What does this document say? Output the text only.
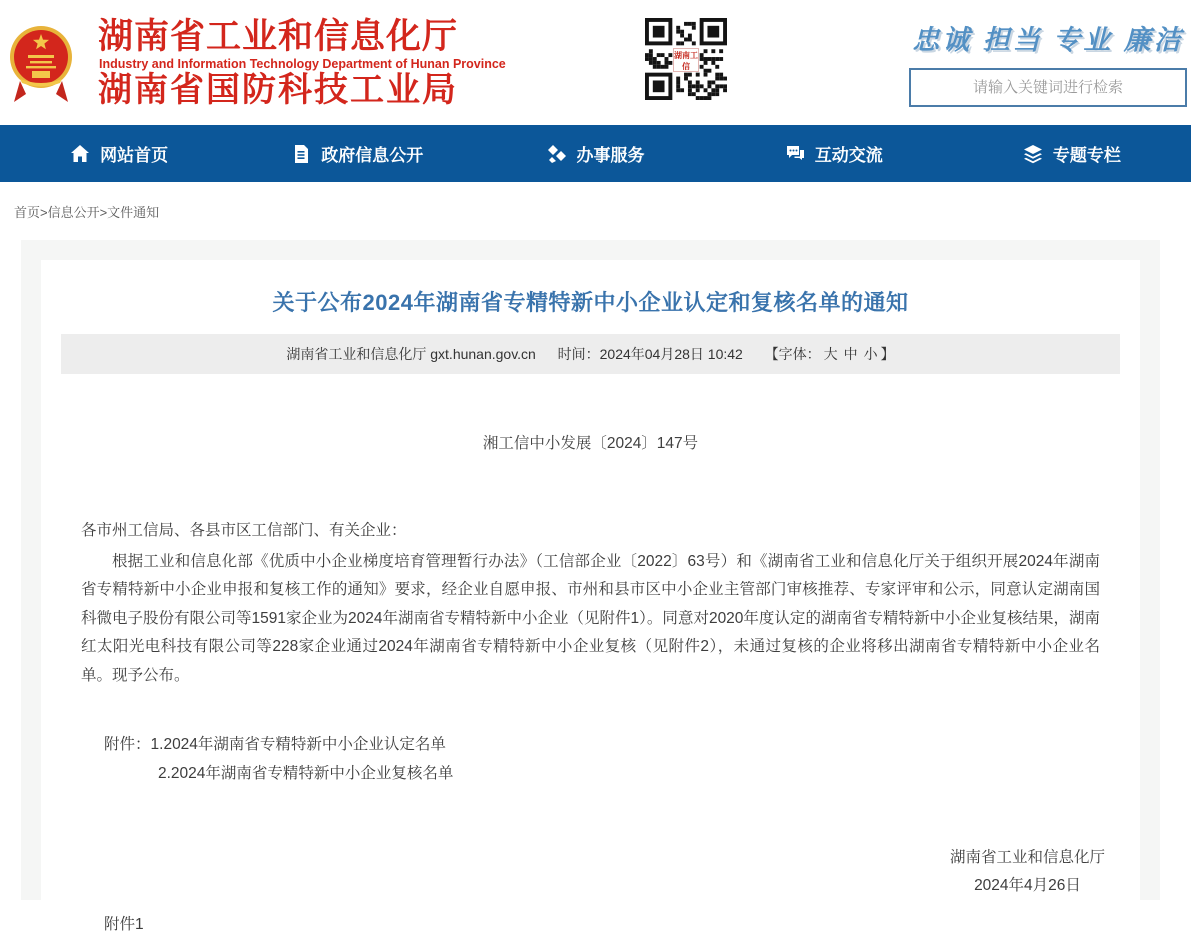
湖南省工业和信息化厅
Industry and Information Technology Department of Hunan Province
湖南省国防科技工业局
湖南工信
忠诚 担当 专业 廉洁
请输入关键词进行检索
网站首页	政府信息公开	办事服务	互动交流	专题专栏
首页>信息公开>文件通知
关于公布2024年湖南省专精特新中小企业认定和复核名单的通知
湖南省工业和信息化厅 gxt.hunan.gov.cn 时间：2024年04月28日 10:42 【字体： 大 中 小 】
湘工信中小发展〔2024〕147号

各市州工信局、各县市区工信部门、有关企业：

根据工业和信息化部《优质中小企业梯度培育管理暂行办法》（工信部企业〔2022〕63号）和《湖南省工业和信息化厅关于组织开展2024年湖南省专精特新中小企业申报和复核工作的通知》要求，经企业自愿申报、市州和县市区中小企业主管部门审核推荐、专家评审和公示，同意认定湖南国科微电子股份有限公司等1591家企业为2024年湖南省专精特新中小企业（见附件1）。同意对2020年度认定的湖南省专精特新中小企业复核结果，湖南红太阳光电科技有限公司等228家企业通过2024年湖南省专精特新中小企业复核（见附件2），未通过复核的企业将移出湖南省专精特新中小企业名单。现予公布。

附件：1.2024年湖南省专精特新中小企业认定名单
2.2024年湖南省专精特新中小企业复核名单
湖南省工业和信息化厅
2024年4月26日
附件1
